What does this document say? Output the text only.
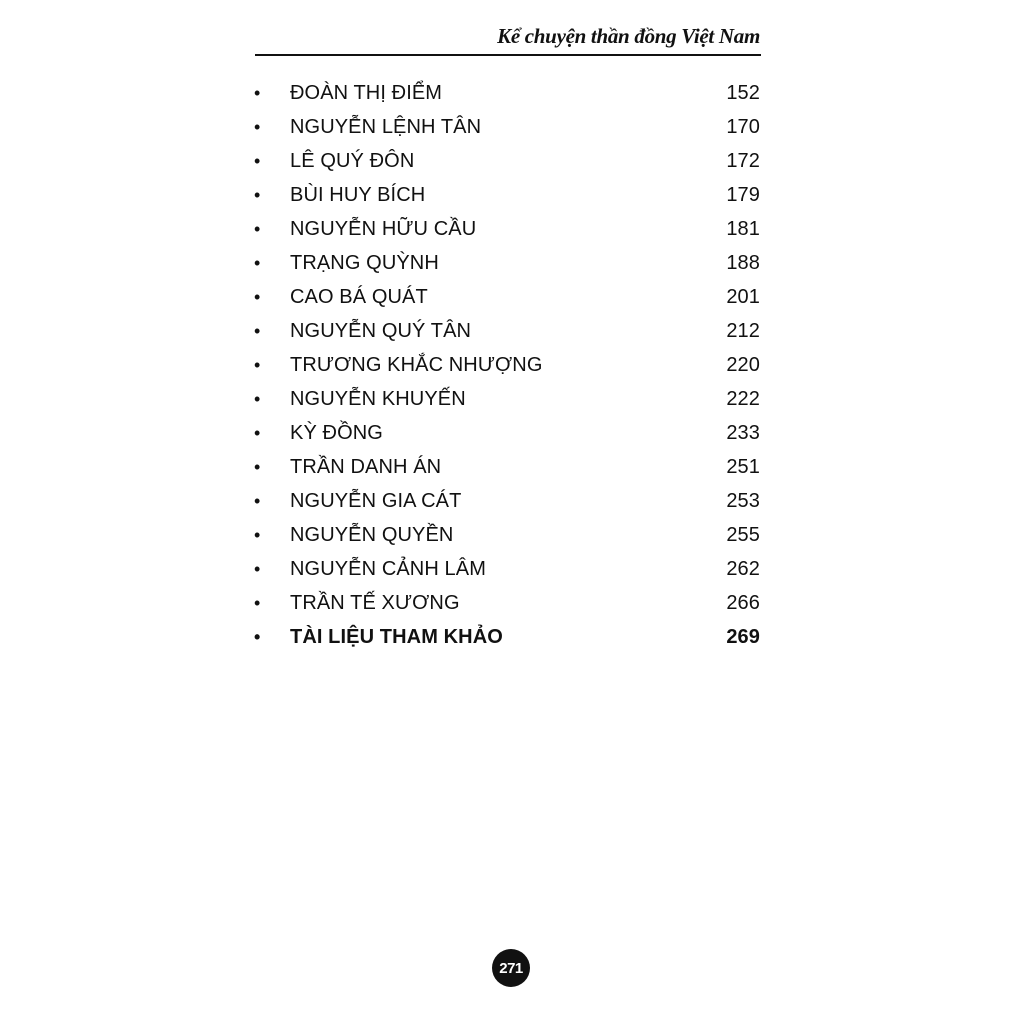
Kể chuyện thần đồng Việt Nam
•	ĐOÀN THỊ ĐIỂM	152
•	NGUYỄN LỆNH TÂN	170
•	LÊ QUÝ ĐÔN	172
•	BÙI HUY BÍCH	179
•	NGUYỄN HỮU CẦU	181
•	TRẠNG QUỲNH	188
•	CAO BÁ QUÁT	201
•	NGUYỄN QUÝ TÂN	212
•	TRƯƠNG KHẮC NHƯỢNG	220
•	NGUYỄN KHUYẾN	222
•	KỲ ĐỒNG	233
•	TRẦN DANH ÁN	251
•	NGUYỄN GIA CÁT	253
•	NGUYỄN QUYỀN	255
•	NGUYỄN CẢNH LÂM	262
•	TRẦN TẾ XƯƠNG	266
•	TÀI LIỆU THAM KHẢO	269
271
